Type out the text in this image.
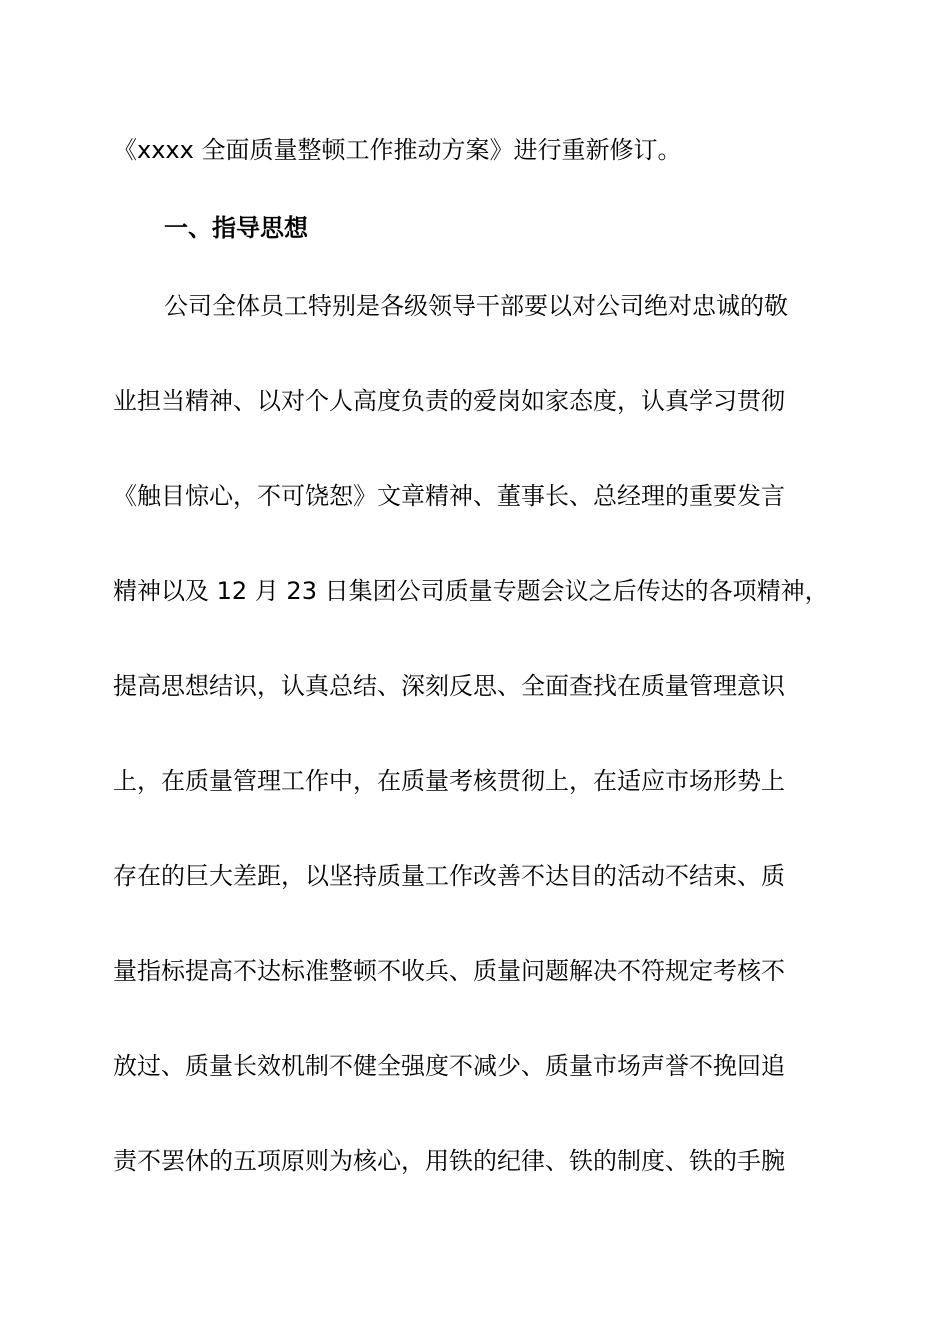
《xxxx 全面质量整顿工作推动方案》进行重新修订。
一、指导思想
公司全体员工特别是各级领导干部要以对公司绝对忠诚的敬
业担当精神、以对个人高度负责的爱岗如家态度，认真学习贯彻
《触目惊心，不可饶恕》文章精神、董事长、总经理的重要发言
精神以及 12 月 23 日集团公司质量专题会议之后传达的各项精神，
提高思想结识，认真总结、深刻反思、全面查找在质量管理意识
上，在质量管理工作中，在质量考核贯彻上，在适应市场形势上
存在的巨大差距，以坚持质量工作改善不达目的活动不结束、质
量指标提高不达标准整顿不收兵、质量问题解决不符规定考核不
放过、质量长效机制不健全强度不减少、质量市场声誉不挽回追
责不罢休的五项原则为核心，用铁的纪律、铁的制度、铁的手腕
